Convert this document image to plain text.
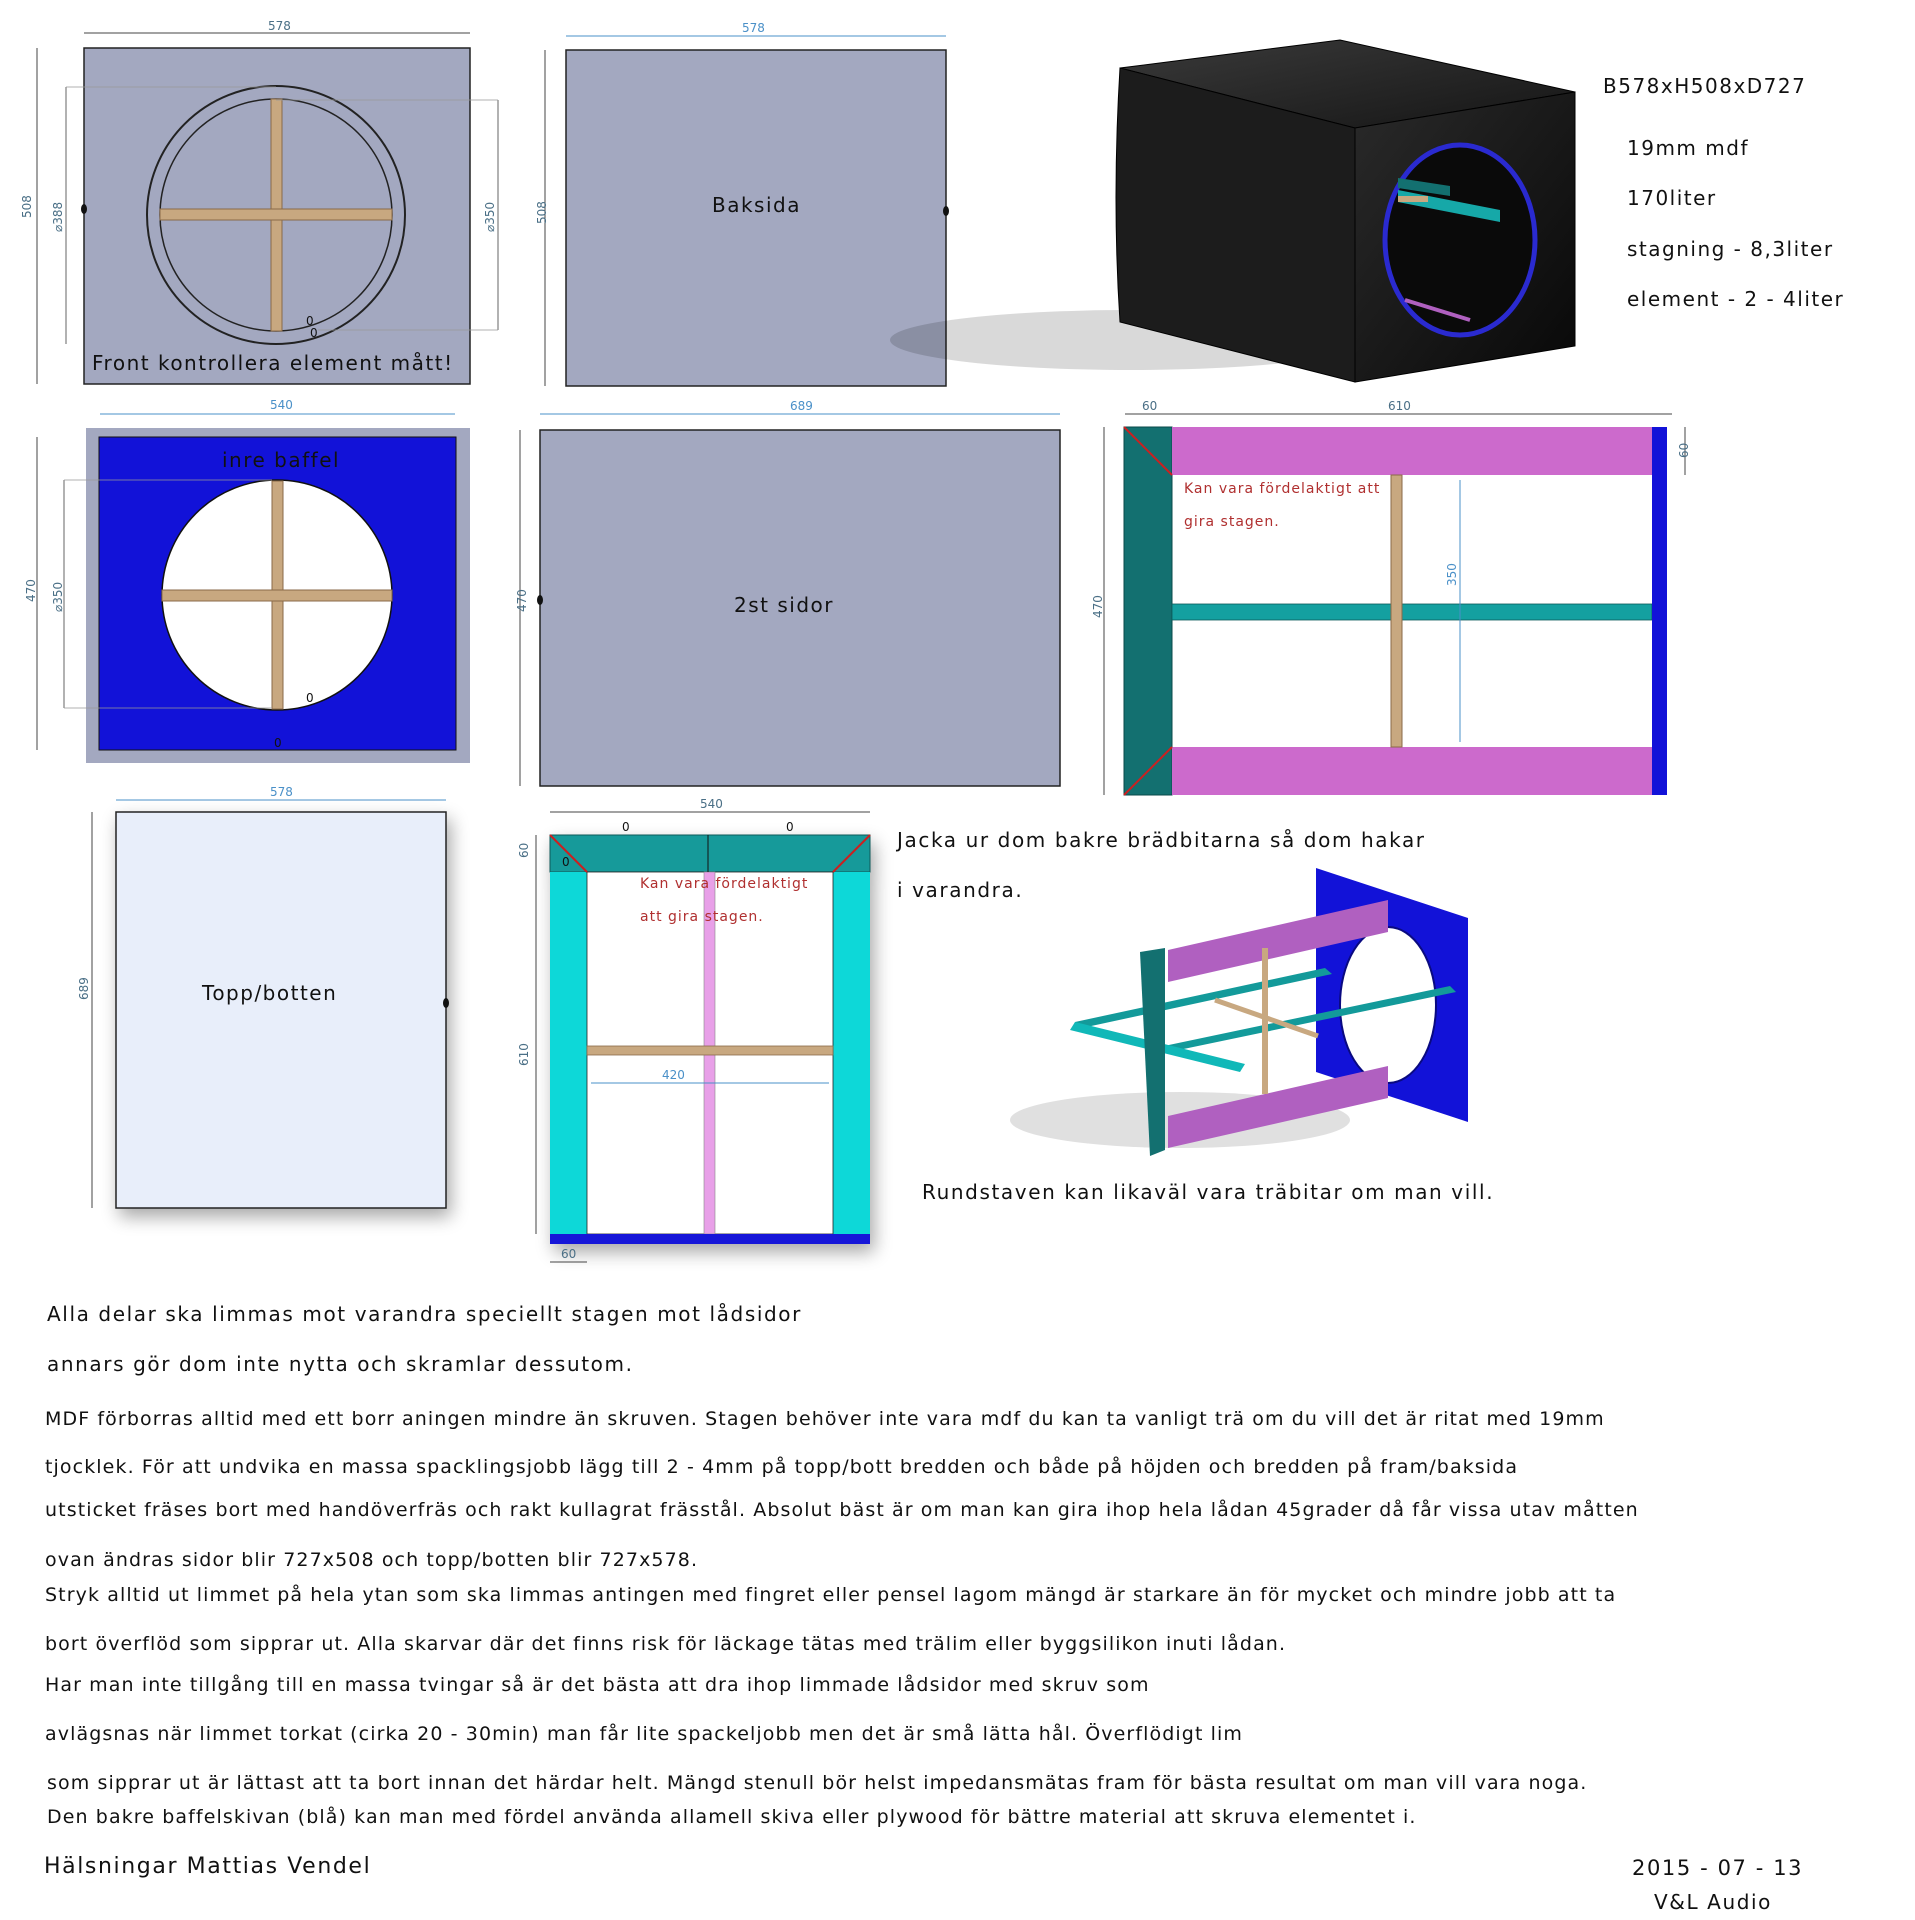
0
0
578
508 ⌀388	⌀350
Front kontrollera element mått!
578
508	Baksida
540
470 ⌀350
0
0
inre baffel
689
470	2st sidor
60	610
60
470
350
Kan vara fördelaktigt att
gira stagen.
578
689	Topp/botten
540
60
610
420
60
0	0
0
Kan vara fördelaktigt
att gira stagen.
B578xH508xD727
19mm mdf
170liter
stagning - 8,3liter
element - 2 - 4liter
Jacka ur dom bakre brädbitarna så dom hakar
i varandra.
Rundstaven kan likaväl vara träbitar om man vill.
Alla delar ska limmas mot varandra speciellt stagen mot lådsidor
annars gör dom inte nytta och skramlar dessutom.
MDF förborras alltid med ett borr aningen mindre än skruven. Stagen behöver inte vara mdf du kan ta vanligt trä om du vill det är ritat med 19mm
tjocklek. För att undvika en massa spacklingsjobb lägg till 2 - 4mm på topp/bott bredden och både på höjden och bredden på fram/baksida
utsticket fräses bort med handöverfräs och rakt kullagrat frässtål. Absolut bäst är om man kan gira ihop hela lådan 45grader då får vissa utav måtten
ovan ändras sidor blir 727x508 och topp/botten blir 727x578.
Stryk alltid ut limmet på hela ytan som ska limmas antingen med fingret eller pensel lagom mängd är starkare än för mycket och mindre jobb att ta
bort överflöd som sipprar ut. Alla skarvar där det finns risk för läckage tätas med trälim eller byggsilikon inuti lådan.
Har man inte tillgång till en massa tvingar så är det bästa att dra ihop limmade lådsidor med skruv som
avlägsnas när limmet torkat (cirka 20 - 30min) man får lite spackeljobb men det är små lätta hål. Överflödigt lim
som sipprar ut är lättast att ta bort innan det härdar helt. Mängd stenull bör helst impedansmätas fram för bästa resultat om man vill vara noga.
Den bakre baffelskivan (blå) kan man med fördel använda allamell skiva eller plywood för bättre material att skruva elementet i.
Hälsningar Mattias Vendel	2015 - 07 - 13
V&L Audio
